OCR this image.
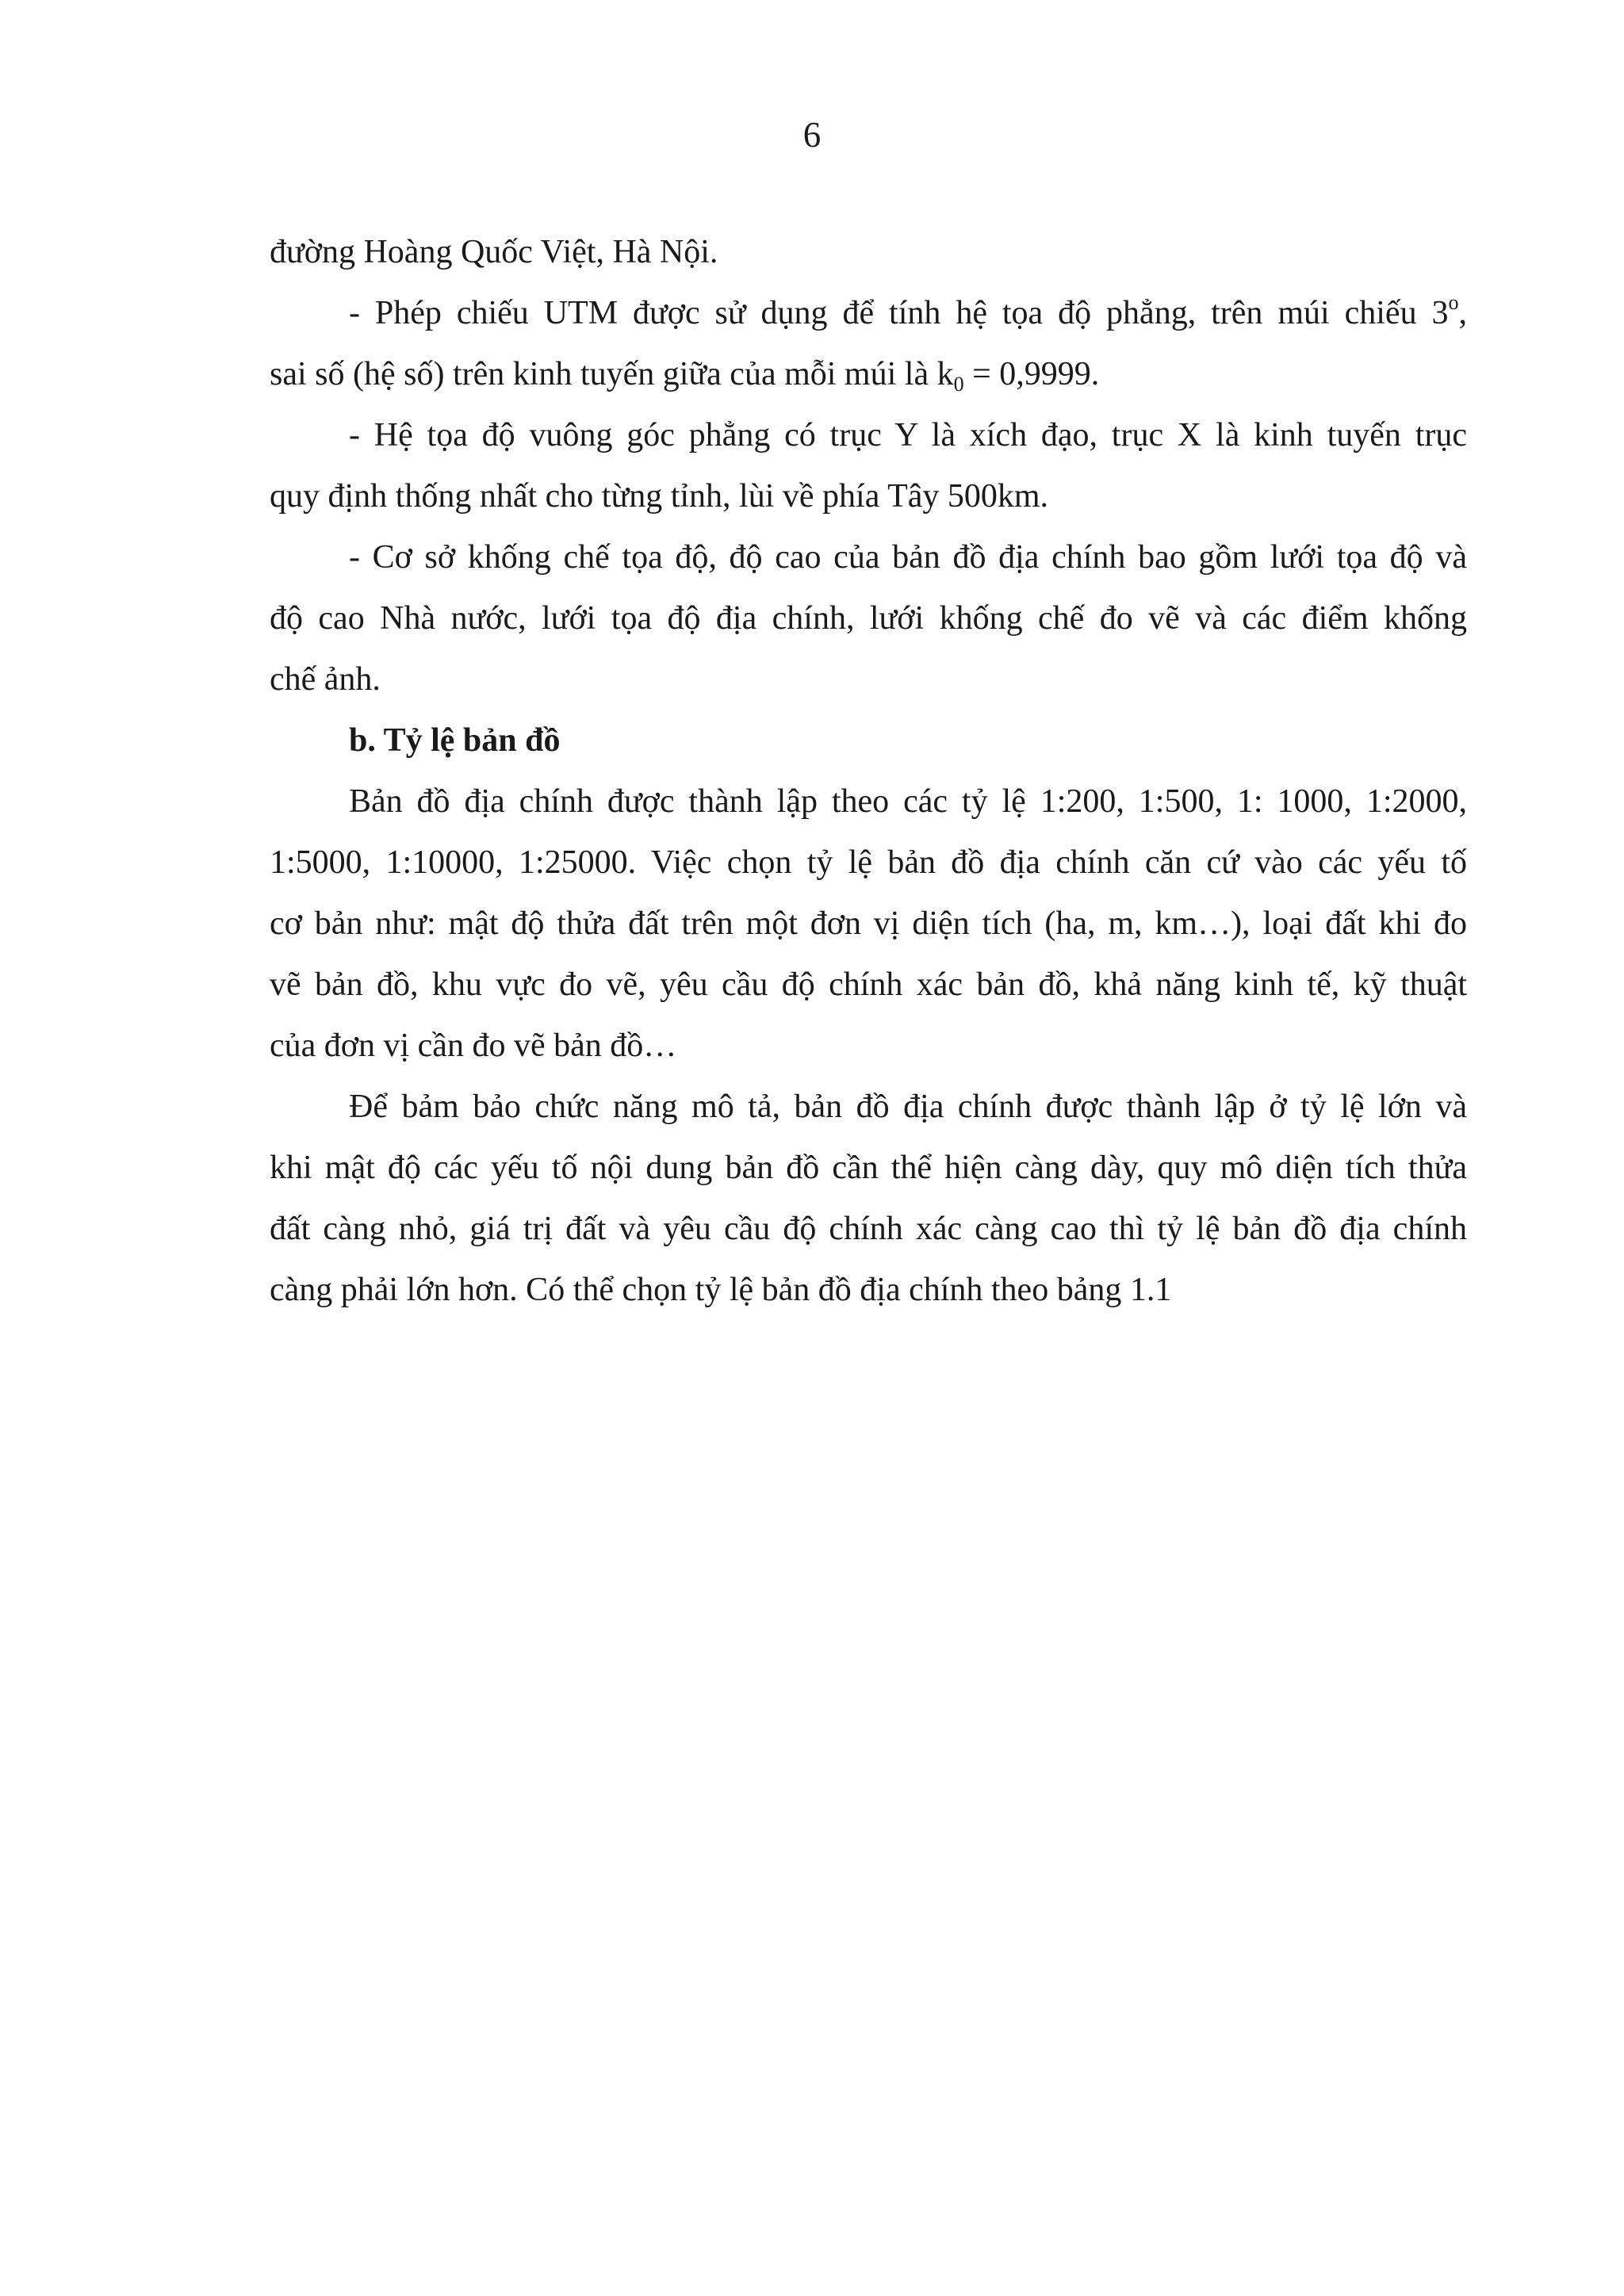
6
đường Hoàng Quốc Việt, Hà Nội.
- Phép chiếu UTM được sử dụng để tính hệ tọa độ phẳng, trên múi chiếu 3$^o$,
sai số (hệ số) trên kinh tuyến giữa của mỗi múi là $k_0 = 0,9999$.
- Hệ tọa độ vuông góc phẳng có trục Y là xích đạo, trục X là kinh tuyến trục
quy định thống nhất cho từng tỉnh, lùi về phía Tây 500km.
- Cơ sở khống chế tọa độ, độ cao của bản đồ địa chính bao gồm lưới tọa độ và
độ cao Nhà nước, lưới tọa độ địa chính, lưới khống chế đo vẽ và các điểm khống
chế ảnh.
b. Tỷ lệ bản đồ
Bản đồ địa chính được thành lập theo các tỷ lệ 1:200, 1:500, 1: 1000, 1:2000,
1:5000, 1:10000, 1:25000. Việc chọn tỷ lệ bản đồ địa chính căn cứ vào các yếu tố
cơ bản như: mật độ thửa đất trên một đơn vị diện tích (ha, m, km…), loại đất khi đo
vẽ bản đồ, khu vực đo vẽ, yêu cầu độ chính xác bản đồ, khả năng kinh tế, kỹ thuật
của đơn vị cần đo vẽ bản đồ…
Để bảm bảo chức năng mô tả, bản đồ địa chính được thành lập ở tỷ lệ lớn và
khi mật độ các yếu tố nội dung bản đồ cần thể hiện càng dày, quy mô diện tích thửa
đất càng nhỏ, giá trị đất và yêu cầu độ chính xác càng cao thì tỷ lệ bản đồ địa chính
càng phải lớn hơn. Có thể chọn tỷ lệ bản đồ địa chính theo bảng 1.1
